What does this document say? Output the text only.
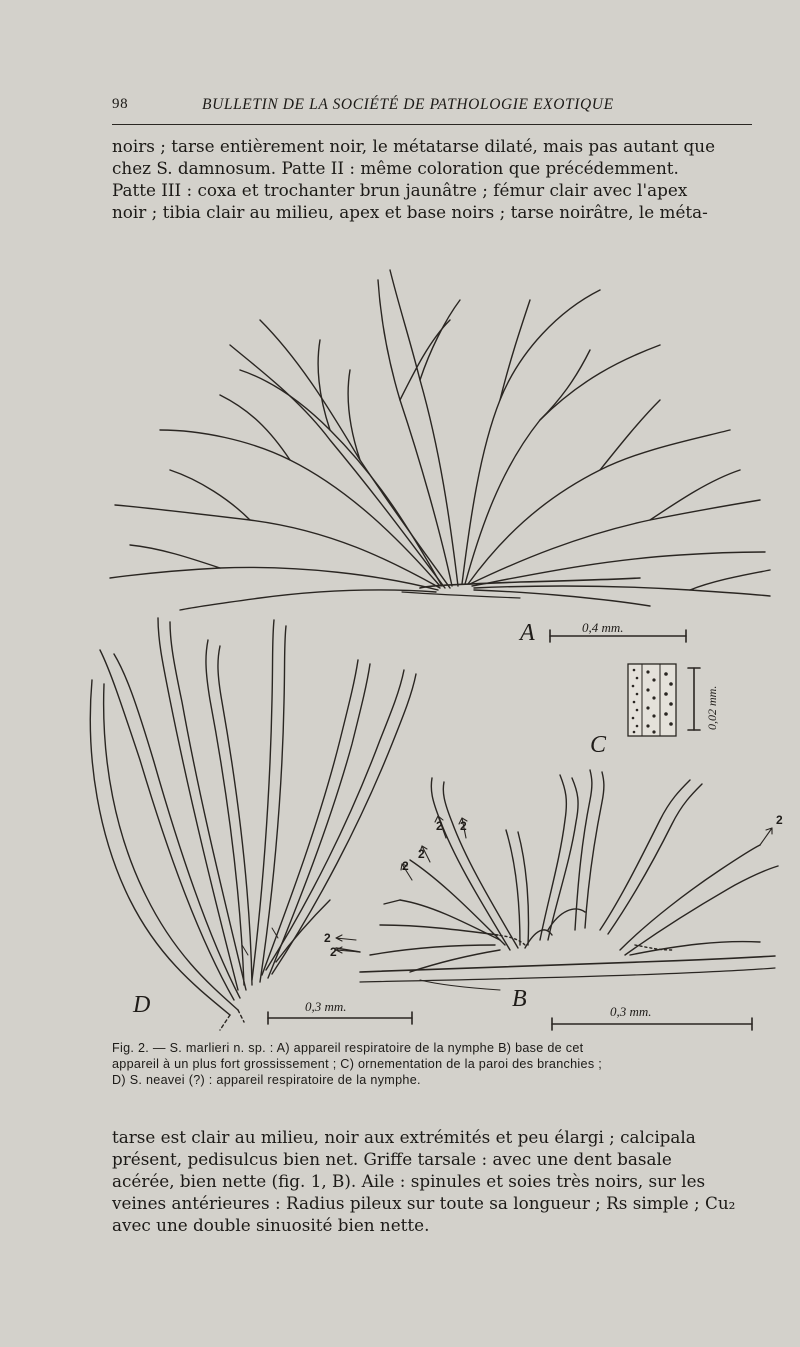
98	BULLETIN DE LA SOCIÉTÉ DE PATHOLOGIE EXOTIQUE
noirs ; tarse entièrement noir, le métatarse dilaté, mais pas autant que
chez S. damnosum. Patte II : même coloration que précédemment.
Patte III : coxa et trochanter brun jaunâtre ; fémur clair avec l'apex
noir ; tibia clair au milieu, apex et base noirs ; tarse noirâtre, le méta-
A	0,4 mm.
C
0,02 mm.
D	0,3 mm.	B	0,3 mm.
2 2
2
2
2
2
2
Fig. 2. — S. marlieri n. sp. : A) appareil respiratoire de la nymphe B) base de cet
appareil à un plus fort grossissement ; C) ornementation de la paroi des branchies ;
D) S. neavei (?) : appareil respiratoire de la nymphe.
tarse est clair au milieu, noir aux extrémités et peu élargi ; calcipala
présent, pedisulcus bien net. Griffe tarsale : avec une dent basale
acérée, bien nette (fig. 1, B). Aile : spinules et soies très noirs, sur les
veines antérieures : Radius pileux sur toute sa longueur ; Rs simple ; Cu₂
avec une double sinuosité bien nette.
